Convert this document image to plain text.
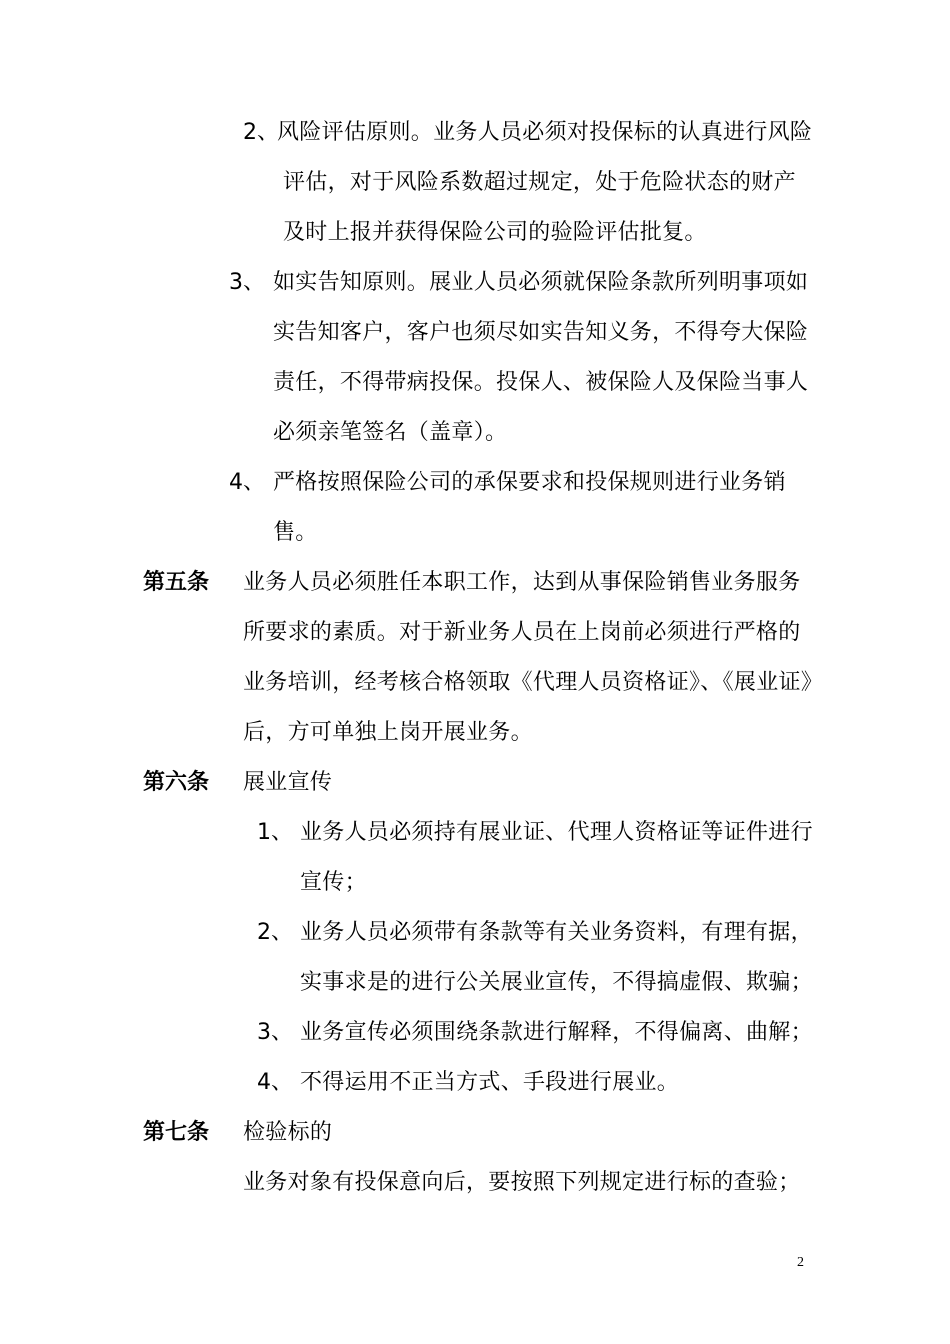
2、
风险评估原则。业务人员必须对投保标的认真进行风险
评估，对于风险系数超过规定，处于危险状态的财产
及时上报并获得保险公司的验险评估批复。
3、 如实告知原则。展业人员必须就保险条款所列明事项如
实告知客户，客户也须尽如实告知义务，不得夸大保险
责任，不得带病投保。投保人、被保险人及保险当事人
必须亲笔签名（盖章）。
4、 严格按照保险公司的承保要求和投保规则进行业务销
售。
第五条 业务人员必须胜任本职工作，达到从事保险销售业务服务
所要求的素质。对于新业务人员在上岗前必须进行严格的
业务培训，经考核合格领取《代理人员资格证》、《展业证》
后，方可单独上岗开展业务。
第六条 展业宣传
1、 业务人员必须持有展业证、代理人资格证等证件进行
宣传；
2、 业务人员必须带有条款等有关业务资料，有理有据，
实事求是的进行公关展业宣传，不得搞虚假、欺骗；
3、 业务宣传必须围绕条款进行解释，不得偏离、曲解；
4、 不得运用不正当方式、手段进行展业。
第七条 检验标的
业务对象有投保意向后，要按照下列规定进行标的查验；
2
